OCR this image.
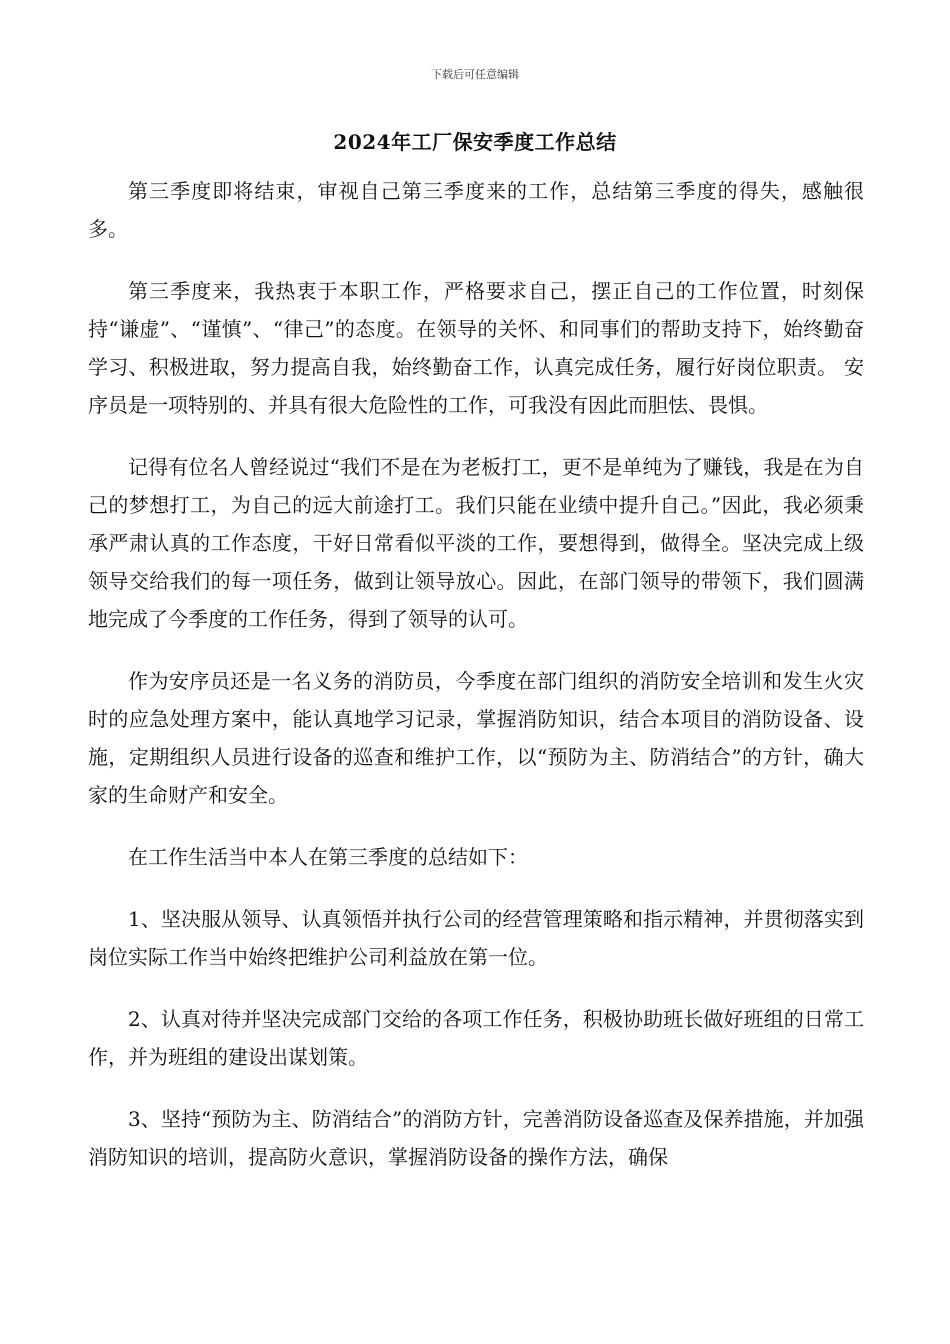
下载后可任意编辑
2024年工厂保安季度工作总结

第三季度即将结束，审视自己第三季度来的工作，总结第三季度的得失，感触很多。

第三季度来，我热衷于本职工作，严格要求自己，摆正自己的工作位置，时刻保持“谦虚”、“谨慎”、“律己”的态度。在领导的关怀、和同事们的帮助支持下，始终勤奋学习、积极进取，努力提高自我，始终勤奋工作，认真完成任务，履行好岗位职责。 安序员是一项特别的、并具有很大危险性的工作，可我没有因此而胆怯、畏惧。

记得有位名人曾经说过“我们不是在为老板打工，更不是单纯为了赚钱，我是在为自己的梦想打工，为自己的远大前途打工。我们只能在业绩中提升自己。”因此，我必须秉承严肃认真的工作态度，干好日常看似平淡的工作，要想得到，做得全。坚决完成上级领导交给我们的每一项任务，做到让领导放心。因此，在部门领导的带领下，我们圆满地完成了今季度的工作任务，得到了领导的认可。

作为安序员还是一名义务的消防员，今季度在部门组织的消防安全培训和发生火灾时的应急处理方案中，能认真地学习记录，掌握消防知识，结合本项目的消防设备、设施，定期组织人员进行设备的巡查和维护工作，以“预防为主、防消结合”的方针，确大家的生命财产和安全。

在工作生活当中本人在第三季度的总结如下：

1、坚决服从领导、认真领悟并执行公司的经营管理策略和指示精神，并贯彻落实到岗位实际工作当中始终把维护公司利益放在第一位。

2、认真对待并坚决完成部门交给的各项工作任务，积极协助班长做好班组的日常工作，并为班组的建设出谋划策。

3、坚持“预防为主、防消结合”的消防方针，完善消防设备巡查及保养措施，并加强消防知识的培训，提高防火意识，掌握消防设备的操作方法，确保
